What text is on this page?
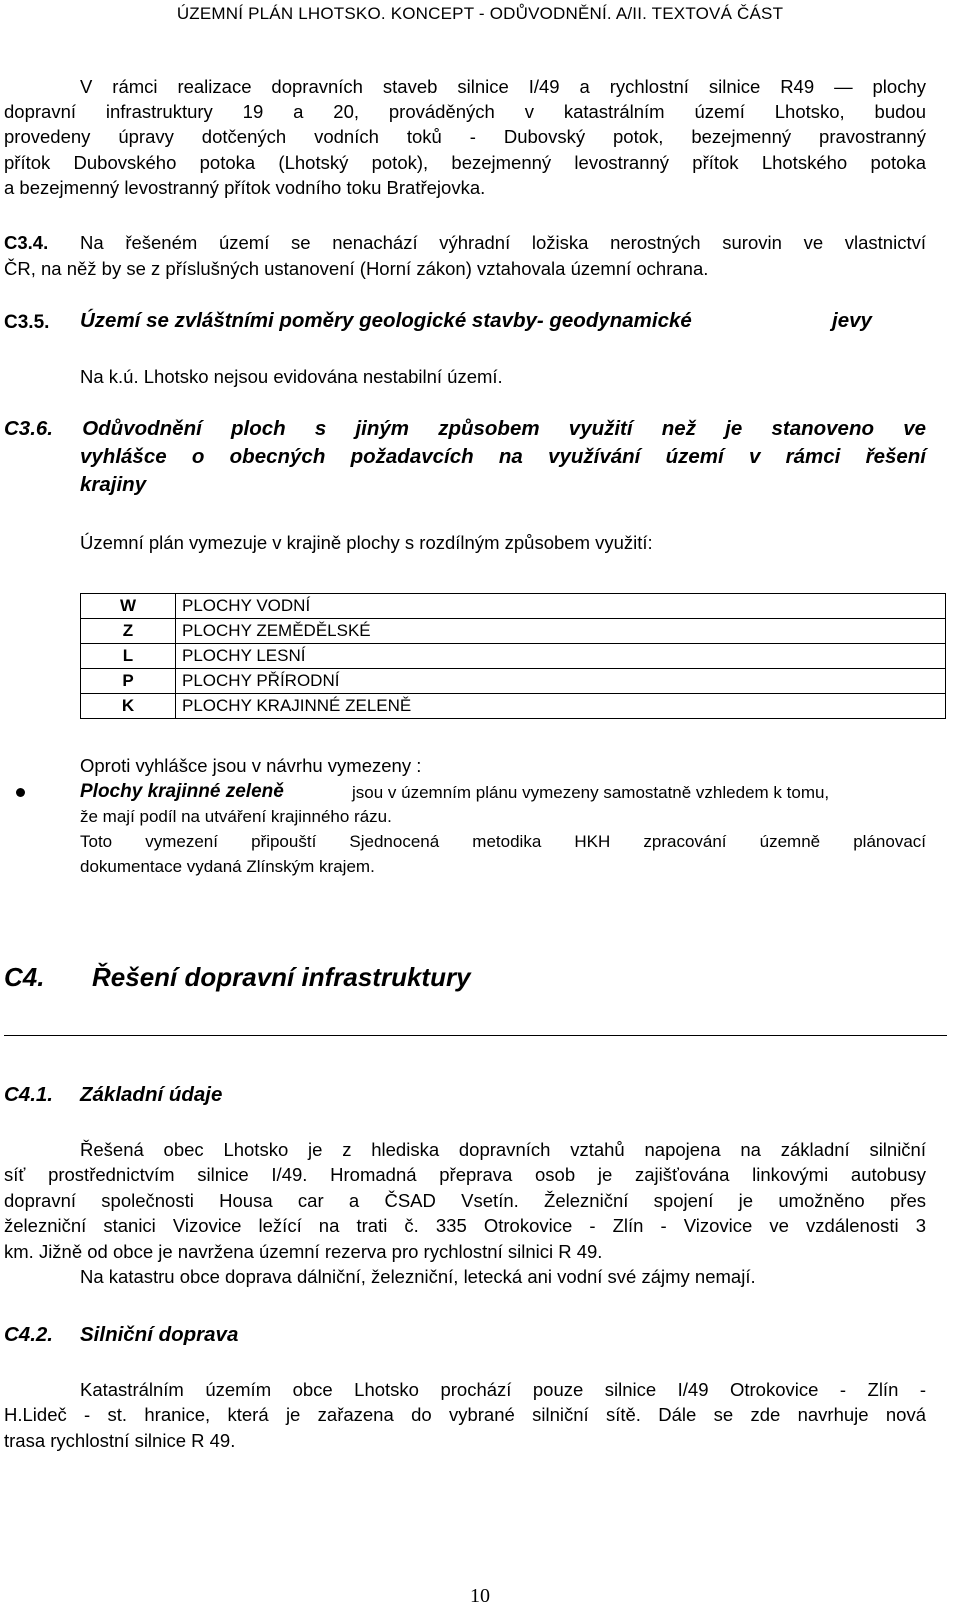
ÚZEMNÍ PLÁN LHOTSKO. KONCEPT - ODŮVODNĚNÍ. A/II. TEXTOVÁ ČÁST

V rámci realizace dopravních staveb silnice I/49 a rychlostní silnice R49 — plochy

dopravní infrastruktury 19 a 20, prováděných v katastrálním území Lhotsko, budou

provedeny úpravy dotčených vodních toků - Dubovský potok, bezejmenný pravostranný

přítok Dubovského potoka (Lhotský potok), bezejmenný levostranný přítok Lhotského potoka

a bezejmenný levostranný přítok vodního toku Bratřejovka.

C3.4. Na řešeném území se nenachází výhradní ložiska nerostných surovin ve vlastnictví

ČR, na něž by se z příslušných ustanovení (Horní zákon) vztahovala územní ochrana.

C3.5. Území se zvláštními poměry geologické stavby- geodynamické	jevy

Na k.ú. Lhotsko nejsou evidována nestabilní území.

C3.6. Odůvodnění ploch s jiným způsobem využití než je stanoveno ve

vyhlášce o obecných požadavcích na využívání území v rámci řešení

krajiny

Územní plán vymezuje v krajině plochy s rozdílným způsobem využití:

W	PLOCHY VODNÍ
Z	PLOCHY ZEMĚDĚLSKÉ
L	PLOCHY LESNÍ
P	PLOCHY PŘÍRODNÍ
K	PLOCHY KRAJINNÉ ZELENĚ

Oproti vyhlášce jsou v návrhu vymezeny :

Plochy krajinné zeleně	jsou v územním plánu vymezeny samostatně vzhledem k tomu,
že mají podíl na utváření krajinného rázu.

Toto vymezení připouští Sjednocená metodika HKH zpracování územně plánovací

dokumentace vydaná Zlínským krajem.

C4. Řešení dopravní infrastruktury
C4.1. Základní údaje

Řešená obec Lhotsko je z hlediska dopravních vztahů napojena na základní silniční

síť prostřednictvím silnice I/49. Hromadná přeprava osob je zajišťována linkovými autobusy

dopravní společnosti Housa car a ČSAD Vsetín. Železniční spojení je umožněno přes

železniční stanici Vizovice ležící na trati č. 335 Otrokovice - Zlín - Vizovice ve vzdálenosti 3

km. Jižně od obce je navržena územní rezerva pro rychlostní silnici R 49.

Na katastru obce doprava dálniční, železniční, letecká ani vodní své zájmy nemají.

C4.2. Silniční doprava

Katastrálním územím obce Lhotsko prochází pouze silnice I/49 Otrokovice - Zlín -

H.Lideč - st. hranice, která je zařazena do vybrané silniční sítě. Dále se zde navrhuje nová

trasa rychlostní silnice R 49.

10
